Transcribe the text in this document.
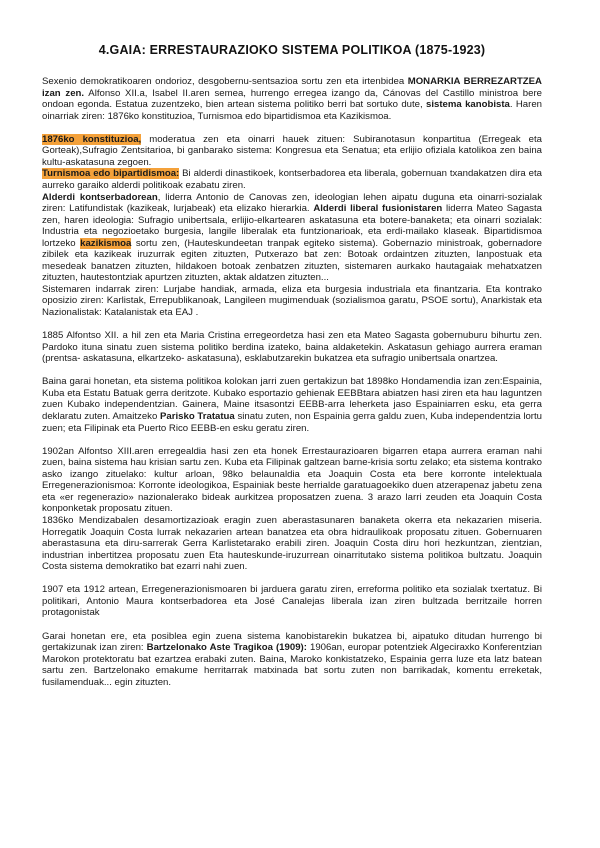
4.GAIA: ERRESTAURAZIOKO SISTEMA POLITIKOA (1875-1923)

Sexenio demokratikoaren ondorioz, desgobernu-sentsazioa sortu zen eta irtenbidea MONARKIA BERREZARTZEA izan zen. Alfonso XII.a, Isabel II.aren semea, hurrengo erregea izango da, Cánovas del Castillo ministroa bere ondoan egonda. Estatua zuzentzeko, bien artean sistema politiko berri bat sortuko dute, sistema kanobista. Haren oinarriak ziren: 1876ko konstituzioa, Turnismoa edo bipartidismoa eta Kazikismoa.

1876ko konstituzioa, moderatua zen eta oinarri hauek zituen: Subiranotasun konpartitua (Erregeak eta Gorteak),Sufragio Zentsitarioa, bi ganbarako sistema: Kongresua eta Senatua; eta erlijio ofiziala katolikoa zen baina kultu-askatasuna zegoen.

Turnismoa edo bipartidismoa: Bi alderdi dinastikoek, kontserbadorea eta liberala, gobernuan txandakatzen dira eta aurreko garaiko alderdi politikoak ezabatu ziren.
Alderdi kontserbadorean, liderra Antonio de Canovas zen, ideologian lehen aipatu duguna eta oinarri-sozialak ziren: Latifundistak (kazikeak, lurjabeak) eta elizako hierarkia. Alderdi liberal fusionistaren liderra Mateo Sagasta zen, haren ideologia: Sufragio unibertsala, erlijio-elkartearen askatasuna eta botere-banaketa; eta oinarri sozialak: Industria eta negozioetako burgesia, langile liberalak eta funtzionarioak, eta erdi-mailako klaseak. Bipartidismoa lortzeko kazikismoa sortu zen, (Hauteskundeetan tranpak egiteko sistema). Gobernazio ministroak, gobernadore zibilek eta kazikeak iruzurrak egiten zituzten, Putxerazo bat zen: Botoak ordaintzen zituzten, lanpostuak eta mesedeak banatzen zituzten, hildakoen botoak zenbatzen zituzten, sistemaren aurkako hautagaiak mehatxatzen zituzten, hautestontziak apurtzen zituzten, aktak aldatzen zituzten...

Sistemaren indarrak ziren: Lurjabe handiak, armada, eliza eta burgesia industriala eta finantzaria. Eta kontrako oposizio ziren: Karlistak, Errepublikanoak, Langileen mugimenduak (sozialismoa garatu, PSOE sortu), Anarkistak eta Nazionalistak: Katalanistak eta EAJ .

1885 Alfontso XII. a hil zen eta Maria Cristina erregeordetza hasi zen eta Mateo Sagasta gobernuburu bihurtu zen. Pardoko ituna sinatu zuen sistema politiko berdina izateko, baina aldaketekin. Askatasun gehiago aurrera eraman (prentsa- askatasuna, elkartzeko- askatasuna), esklabutzarekin bukatzea eta sufragio unibertsala onartzea.

Baina garai honetan, eta sistema politikoa kolokan jarri zuen gertakizun bat 1898ko Hondamendia izan zen:Espainia, Kuba eta Estatu Batuak gerra deritzote. Kubako esportazio gehienak EEBBtara abiatzen hasi ziren eta hau laguntzen zuen Kubako independentzian. Gainera, Maine itsasontzi EEBB-arra leherketa jaso Espainiarren esku, eta gerra deklaratu zuten. Amaitzeko Parisko Tratatua sinatu zuten, non Espainia gerra galdu zuen, Kuba independentzia lortu zuen; eta Filipinak eta Puerto Rico EEBB-en esku geratu ziren.

1902an Alfontso XIII.aren erregealdia hasi zen eta honek Errestaurazioaren bigarren etapa aurrera eraman nahi zuen, baina sistema hau krisian sartu zen. Kuba eta Filipinak galtzean barne-krisia sortu zelako; eta sistema kontrako asko izango zituelako: kultur arloan, 98ko belaunaldia eta Joaquin Costa eta bere korronte intelektuala Erregenerazionismoa: Korronte ideologikoa, Espainiak beste herrialde garatuagoekiko duen atzerapenaz jabetu zena eta «er regenerazio» nazionalerako bideak aurkitzea proposatzen zuena. 3 arazo larri zeuden eta Joaquin Costa konponketak proposatu zituen.

1836ko Mendizabalen desamortizazioak eragin zuen aberastasunaren banaketa okerra eta nekazarien miseria. Horregatik Joaquin Costa lurrak nekazarien artean banatzea eta obra hidraulikoak proposatu zituen. Gobernuaren aberastasuna eta diru-sarrerak Gerra Karlistetarako erabili ziren. Joaquin Costa diru hori hezkuntzan, zientzian, industrian inbertitzea proposatu zuen Eta hauteskunde-iruzurrean oinarritutako sistema politikoa bultzatu. Joaquin Costa sistema demokratiko bat ezarri nahi zuen.

1907 eta 1912 artean, Erregenerazionismoaren bi jarduera garatu ziren, erreforma politiko eta sozialak txertatuz. Bi politikari, Antonio Maura kontserbadorea eta José Canalejas liberala izan ziren bultzada berritzaile horren protagonistak

Garai honetan ere, eta posiblea egin zuena sistema kanobistarekin bukatzea bi, aipatuko ditudan hurrengo bi gertakizunak izan ziren: Bartzelonako Aste Tragikoa (1909): 1906an, europar potentziek Algeciraxko Konferentzian Marokon protektoratu bat ezartzea erabaki zuten. Baina, Maroko konkistatzeko, Espainia gerra luze eta latz batean sartu zen. Bartzelonako emakume herritarrak matxinada bat sortu zuten non barrikadak, komentu erreketak, fusilamenduak... egin zituzten.
